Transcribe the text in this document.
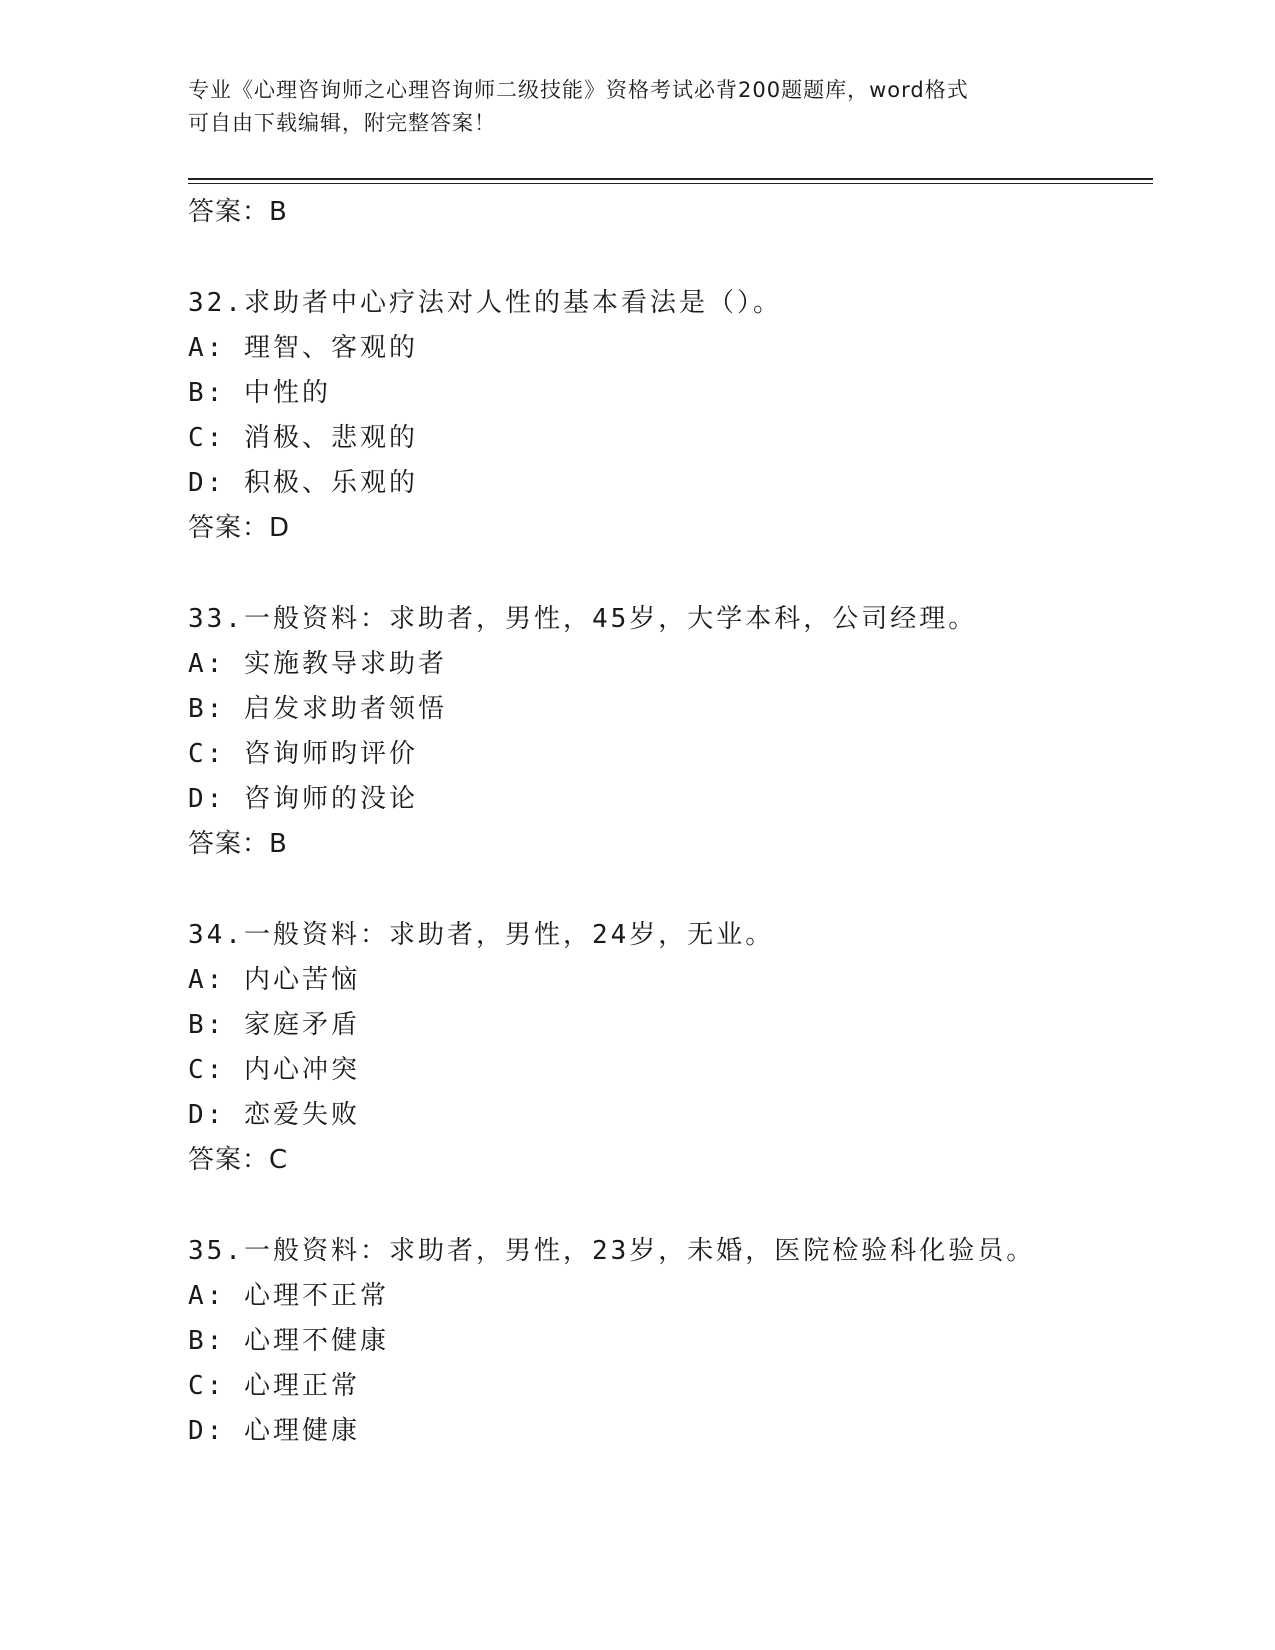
专业《心理咨询师之心理咨询师二级技能》资格考试必背200题题库，word格式
可自由下载编辑，附完整答案！
答案：B
32.求助者中心疗法对人性的基本看法是（）。
A: 理智、客观的
B: 中性的
C: 消极、悲观的
D: 积极、乐观的
答案：D
33.一般资料：求助者，男性，45岁，大学本科，公司经理。
A: 实施教导求助者
B: 启发求助者领悟
C: 咨询师昀评价
D: 咨询师的没论
答案：B
34.一般资料：求助者，男性，24岁，无业。
A: 内心苦恼
B: 家庭矛盾
C: 内心冲突
D: 恋爱失败
答案：C
35.一般资料：求助者，男性，23岁，未婚，医院检验科化验员。
A: 心理不正常
B: 心理不健康
C: 心理正常
D: 心理健康
